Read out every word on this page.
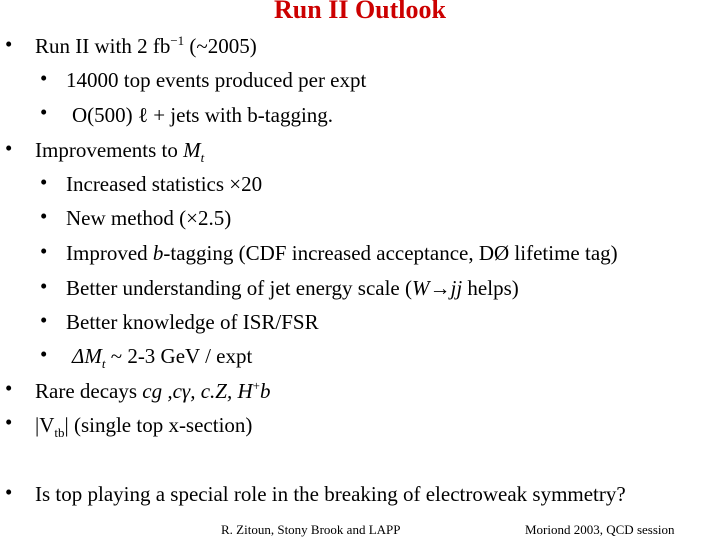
Run II Outlook
• Run II with 2 $fb^{-1}$ (~2005)
• 14000 top events produced per expt
• O(500) ℓ + jets with b-tagging.
• Improvements to $M_t$
• Increased statistics ×20
• New method (×2.5)
• Improved b-tagging (CDF increased acceptance, DØ lifetime tag)
• Better understanding of jet energy scale (W→jj helps)
• Better knowledge of ISR/FSR
• $\Delta M_t$ ~ 2-3 GeV / expt
• Rare decays cg ,cγ, c.Z, H+b
• $|V_{tb}|$ (single top x-section)
• Is top playing a special role in the breaking of electroweak symmetry?
R. Zitoun, Stony Brook and LAPP	Moriond 2003, QCD session
